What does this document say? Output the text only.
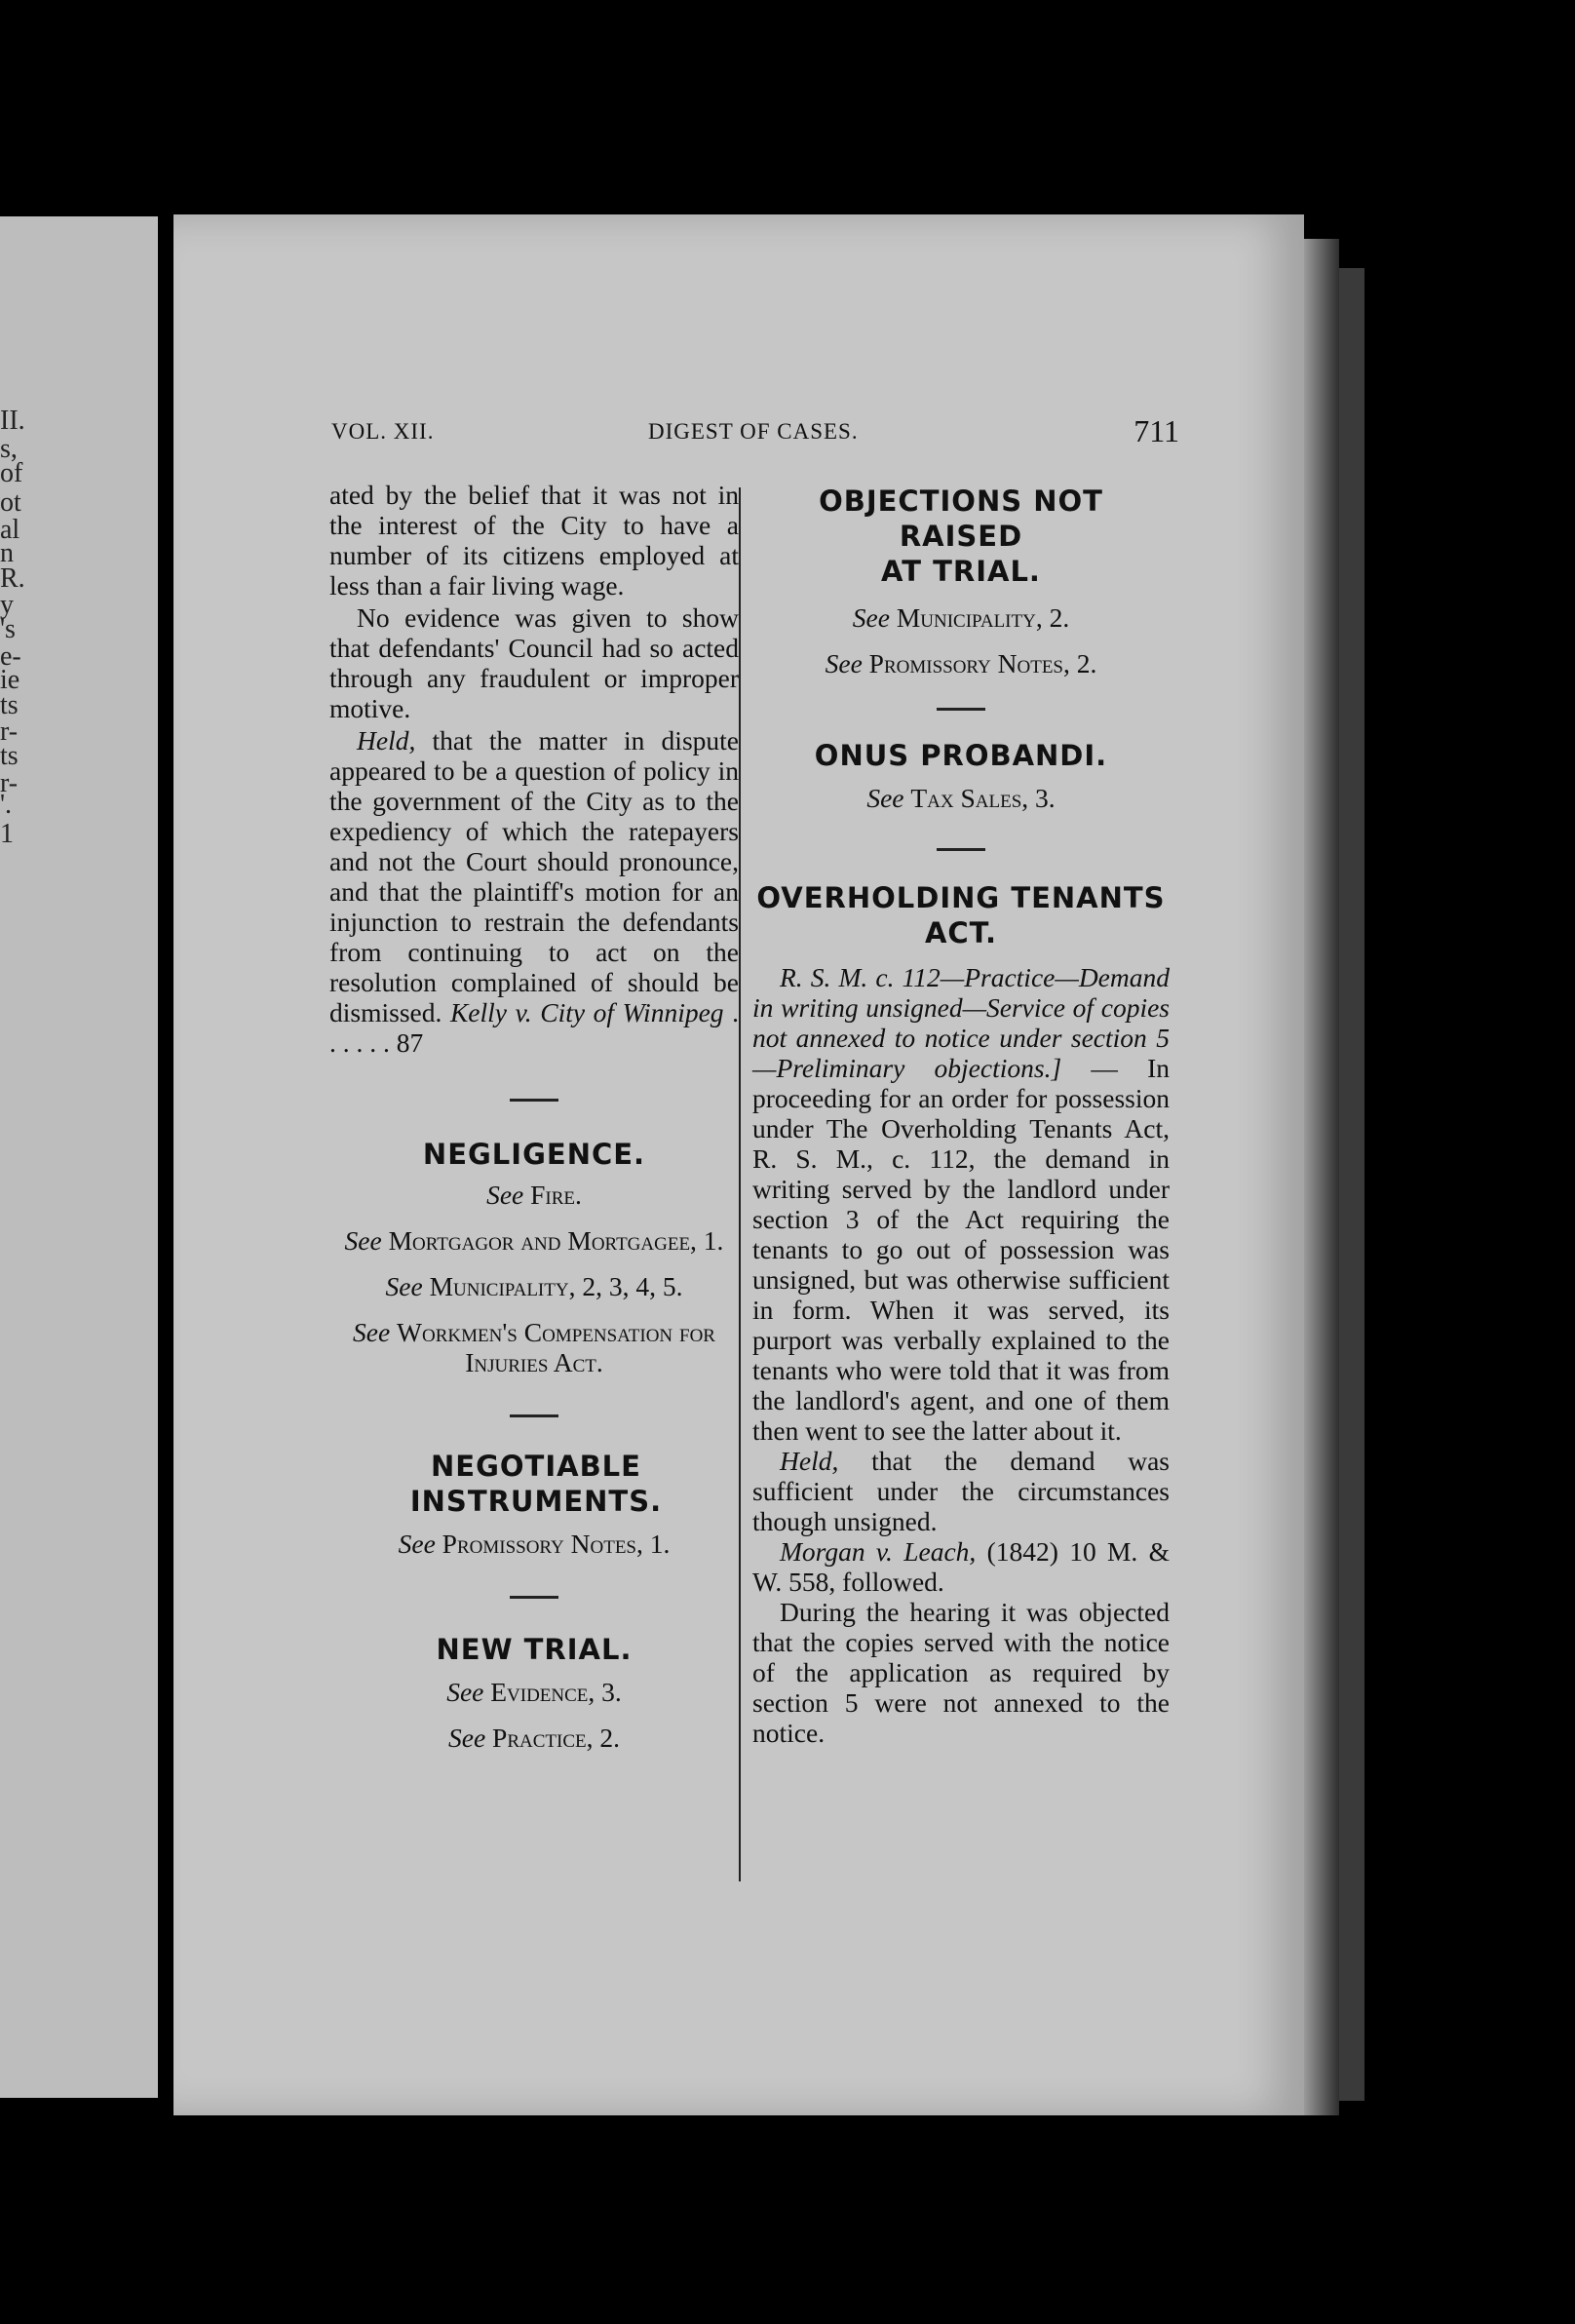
II.
s,
of
ot
al
n
R.
y
's
e-
ie
ts
r-
ts
r-
'.
1
VOL. XII.	DIGEST OF CASES.	711

ated by the belief that it was not in the interest of the City to have a number of its citizens employed at less than a fair living wage.

No evidence was given to show that defendants' Council had so acted through any fraudulent or improper motive.

Held, that the matter in dispute appeared to be a question of policy in the government of the City as to the expediency of which the ratepayers and not the Court should pronounce, and that the plaintiff's motion for an injunction to restrain the defendants from continuing to act on the resolution complained of should be dismissed. Kelly v. City of Winnipeg . . . . . . 87

NEGLIGENCE.

See Fire.

See Mortgagor and Mortgagee, 1.

See Municipality, 2, 3, 4, 5.

See Workmen's Compensation for Injuries Act.

NEGOTIABLE INSTRUMENTS.

See Promissory Notes, 1.

NEW TRIAL.

See Evidence, 3.

See Practice, 2.

OBJECTIONS NOT RAISED

AT TRIAL.

See Municipality, 2.

See Promissory Notes, 2.

ONUS PROBANDI.

See Tax Sales, 3.

OVERHOLDING TENANTS

ACT.

R. S. M. c. 112—Practice—Demand in writing unsigned—Service of copies not annexed to notice under section 5—Preliminary objections.] — In proceeding for an order for possession under The Overholding Tenants Act, R. S. M., c. 112, the demand in writing served by the landlord under section 3 of the Act requiring the tenants to go out of possession was unsigned, but was otherwise sufficient in form. When it was served, its purport was verbally explained to the tenants who were told that it was from the landlord's agent, and one of them then went to see the latter about it.

Held, that the demand was sufficient under the circumstances though unsigned.

Morgan v. Leach, (1842) 10 M. & W. 558, followed.

During the hearing it was objected that the copies served with the notice of the application as required by section 5 were not annexed to the notice.
